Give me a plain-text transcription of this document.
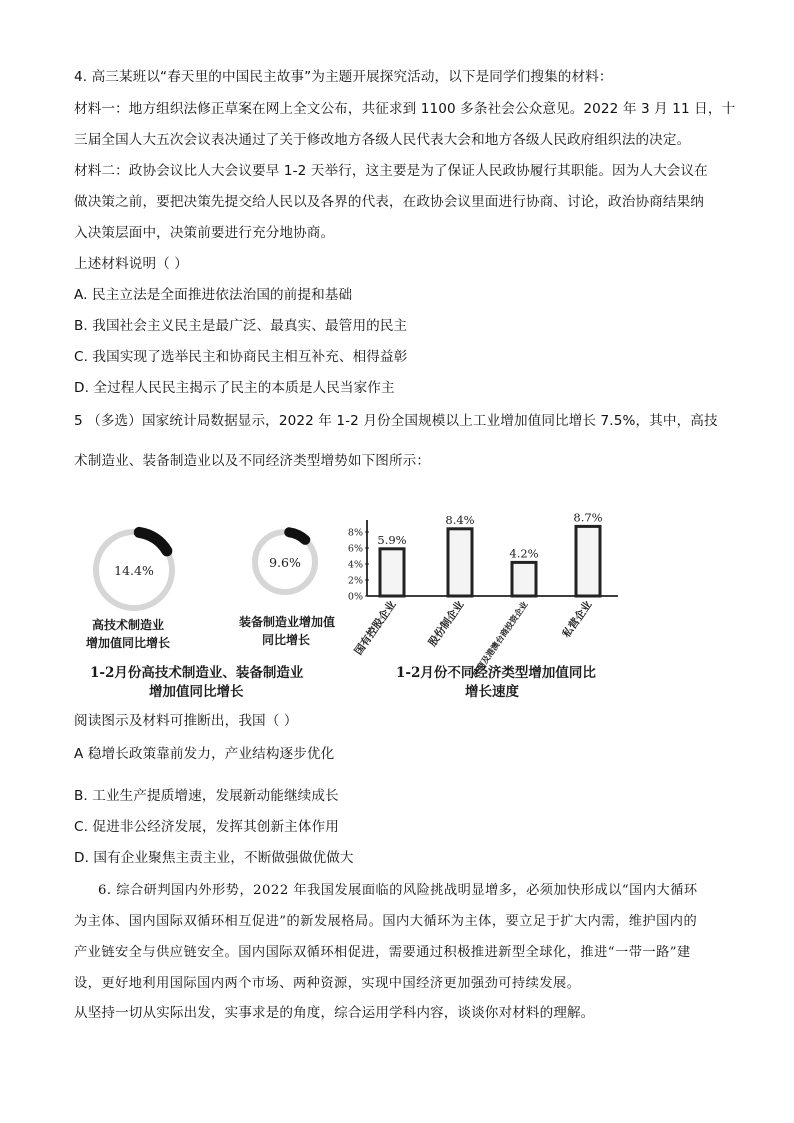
4. 高三某班以“春天里的中国民主故事”为主题开展探究活动，以下是同学们搜集的材料：
材料一：地方组织法修正草案在网上全文公布，共征求到 1100 多条社会公众意见。2022 年 3 月 11 日，十
三届全国人大五次会议表决通过了关于修改地方各级人民代表大会和地方各级人民政府组织法的决定。
材料二：政协会议比人大会议要早 1-2 天举行，这主要是为了保证人民政协履行其职能。因为人大会议在
做决策之前，要把决策先提交给人民以及各界的代表，在政协会议里面进行协商、讨论，政治协商结果纳
入决策层面中，决策前要进行充分地协商。
上述材料说明（ ）
A. 民主立法是全面推进依法治国的前提和基础
B. 我国社会主义民主是最广泛、最真实、最管用的民主
C. 我国实现了选举民主和协商民主相互补充、相得益彰
D. 全过程人民民主揭示了民主的本质是人民当家作主
5 （多选）国家统计局数据显示，2022 年 1-2 月份全国规模以上工业增加值同比增长 7.5%，其中，高技
术制造业、装备制造业以及不同经济类型增势如下图所示：
14.4%
9.6%
8%
6%
4%
2%
0%
5.9%
国有控股企业
8.4%
股份制企业
4.2%
外商及港澳台商投资企业
8.7%
私营企业
高技术制造业
增加值同比增长
装备制造业增加值
同比增长
1-2月份高技术制造业、装备制造业
增加值同比增长
1-2月份不同经济类型增加值同比
增长速度
阅读图示及材料可推断出，我国（ ）
A 稳增长政策靠前发力，产业结构逐步优化
B. 工业生产提质增速，发展新动能继续成长
C. 促进非公经济发展，发挥其创新主体作用
D. 国有企业聚焦主责主业，不断做强做优做大
6. 综合研判国内外形势，2022 年我国发展面临的风险挑战明显增多，必须加快形成以“国内大循环
为主体、国内国际双循环相互促进”的新发展格局。国内大循环为主体，要立足于扩大内需，维护国内的
产业链安全与供应链安全。国内国际双循环相促进，需要通过积极推进新型全球化，推进“一带一路”建
设，更好地利用国际国内两个市场、两种资源，实现中国经济更加强劲可持续发展。
从坚持一切从实际出发，实事求是的角度，综合运用学科内容，谈谈你对材料的理解。
